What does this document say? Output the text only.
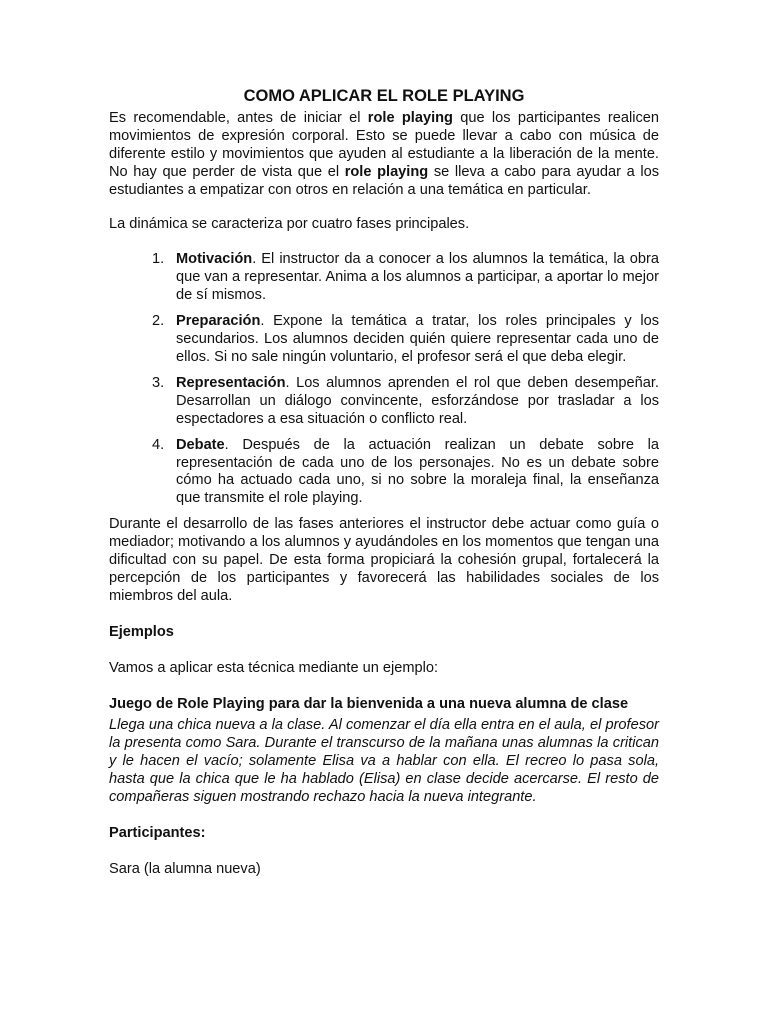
COMO APLICAR EL ROLE PLAYING

Es recomendable, antes de iniciar el role playing que los participantes realicen movimientos de expresión corporal. Esto se puede llevar a cabo con música de diferente estilo y movimientos que ayuden al estudiante a la liberación de la mente. No hay que perder de vista que el role playing se lleva a cabo para ayudar a los estudiantes a empatizar con otros en relación a una temática en particular.

La dinámica se caracteriza por cuatro fases principales.

1. Motivación. El instructor da a conocer a los alumnos la temática, la obra que van a representar. Anima a los alumnos a participar, a aportar lo mejor de sí mismos.
2. Preparación. Expone la temática a tratar, los roles principales y los secundarios. Los alumnos deciden quién quiere representar cada uno de ellos. Si no sale ningún voluntario, el profesor será el que deba elegir.
3. Representación. Los alumnos aprenden el rol que deben desempeñar. Desarrollan un diálogo convincente, esforzándose por trasladar a los espectadores a esa situación o conflicto real.
4. Debate. Después de la actuación realizan un debate sobre la representación de cada uno de los personajes. No es un debate sobre cómo ha actuado cada uno, si no sobre la moraleja final, la enseñanza que transmite el role playing.

Durante el desarrollo de las fases anteriores el instructor debe actuar como guía o mediador; motivando a los alumnos y ayudándoles en los momentos que tengan una dificultad con su papel. De esta forma propiciará la cohesión grupal, fortalecerá la percepción de los participantes y favorecerá las habilidades sociales de los miembros del aula.

Ejemplos

Vamos a aplicar esta técnica mediante un ejemplo:

Juego de Role Playing para dar la bienvenida a una nueva alumna de clase

Llega una chica nueva a la clase. Al comenzar el día ella entra en el aula, el profesor la presenta como Sara. Durante el transcurso de la mañana unas alumnas la critican y le hacen el vacío; solamente Elisa va a hablar con ella. El recreo lo pasa sola, hasta que la chica que le ha hablado (Elisa) en clase decide acercarse. El resto de compañeras siguen mostrando rechazo hacia la nueva integrante.

Participantes:

Sara (la alumna nueva)
